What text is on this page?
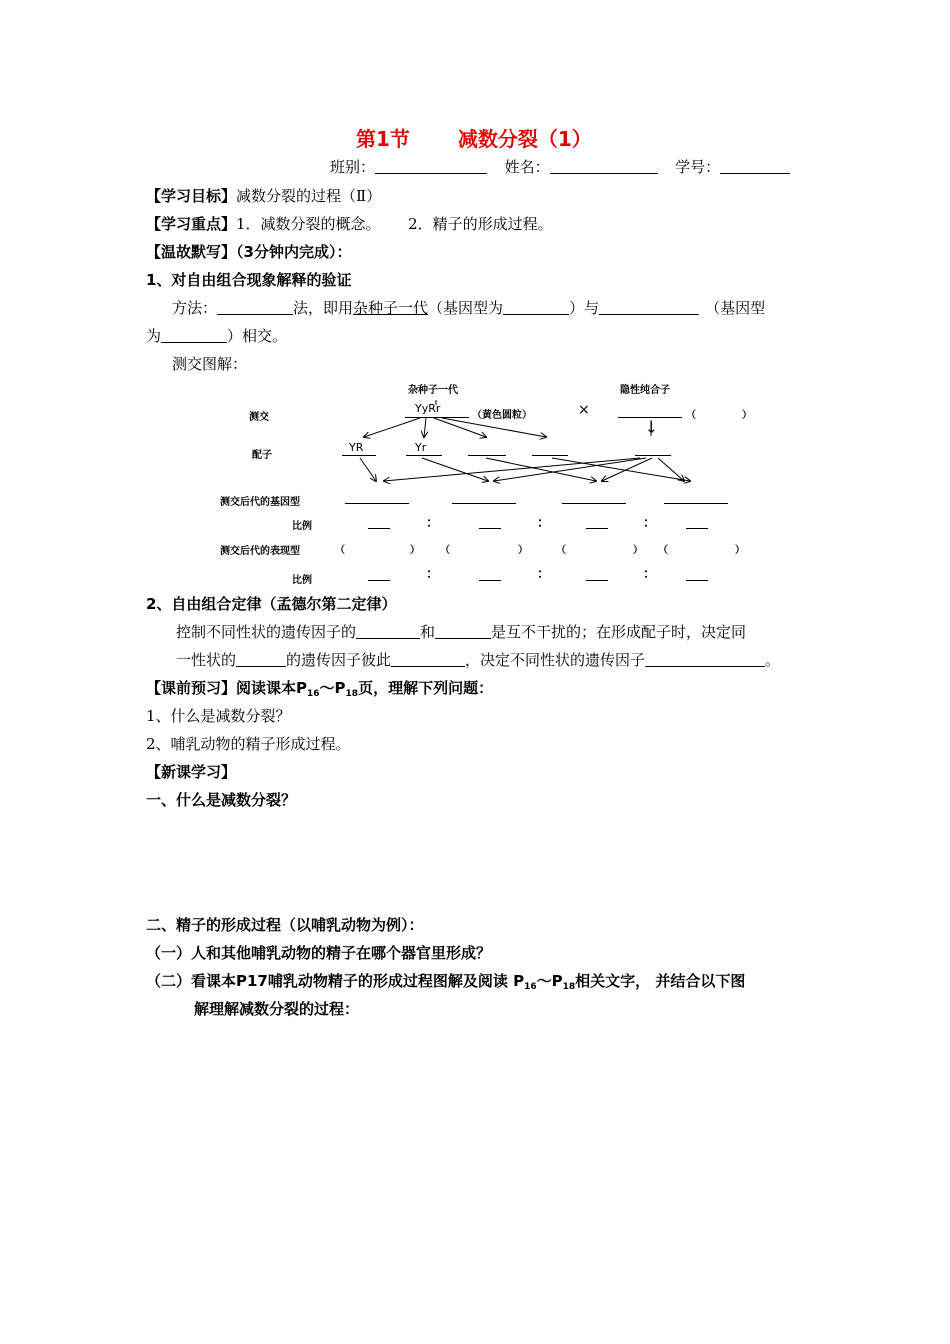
第1节 减数分裂（1）
班别：	姓名：	学号：
【学习目标】减数分裂的过程（Ⅱ）
【学习重点】1．减数分裂的概念。 2．精子的形成过程。
【温故默写】（3分钟内完成）：
1、对自由组合现象解释的验证
方法：	法，即用杂种子一代（基因型为	）与	（基因型
为	）相交。
测交图解：
杂种子一代	隐性纯合子
测交
YyRr
（黄色圆粒）	×	（	）
↓
配子
YR	Yr
测交后代的基因型
比例	：	：	：
测交后代的表现型	（	） （	）	（	） （	）
比例	：	：	：
2、自由组合定律（孟德尔第二定律）
控制不同性状的遗传因子的	和	是互不干扰的；在形成配子时，决定同
一性状的	的遗传因子彼此	，决定不同性状的遗传因子	。
【课前预习】阅读课本$P_{16}\sim P_{18}$页，理解下列问题：
1、什么是减数分裂？
2、哺乳动物的精子形成过程。
【新课学习】
一、什么是减数分裂？
二、精子的形成过程（以哺乳动物为例）：
（一）人和其他哺乳动物的精子在哪个器官里形成？
（二）看课本P17哺乳动物精子的形成过程图解及阅读 $P_{16}\sim P_{18}$相关文字， 并结合以下图
解理解减数分裂的过程：
